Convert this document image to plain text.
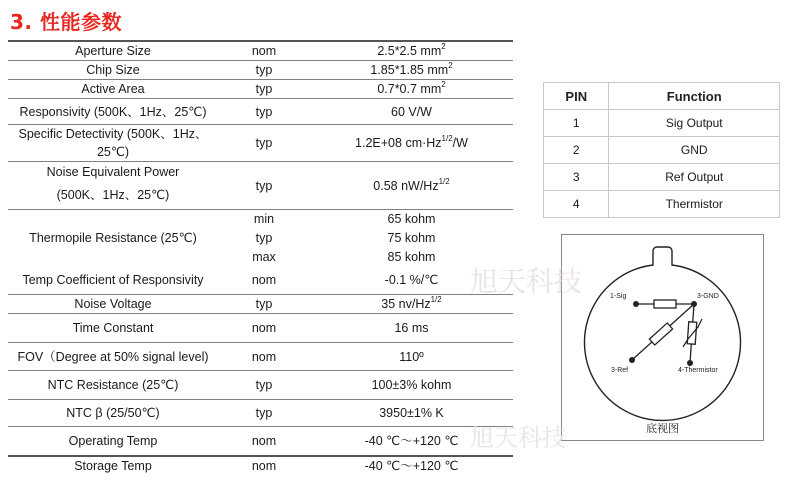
3. 性能参数
Aperture Size	nom	2.5*2.5 $mm^2$
Chip Size	typ	1.85*1.85 $mm^2$
Active Area	typ	0.7*0.7 $mm^2$
Responsivity (500K、1Hz、25℃)	typ	60 V/W
Specific Detectivity (500K、1Hz、25℃)	typ	1.2E+08 $cm\cdot Hz^{1/2}/W$
Noise Equivalent Power
(500K、1Hz、25℃)	typ	0.58 $nW/Hz^{1/2}$
Thermopile Resistance (25℃)	min	65 kohm
	typ	75 kohm
	max	85 kohm
Temp Coefficient of Responsivity	nom	-0.1 %/℃
Noise Voltage	typ	35 $nv/Hz^{1/2}$
Time Constant	nom	16 ms
FOV（Degree at 50% signal level)	nom	110º
NTC Resistance (25℃)	typ	100±3% kohm
NTC β (25/50℃)	typ	3950±1% K
Operating Temp	nom	-40 ℃～+120 ℃
Storage Temp	nom	-40 ℃～+120 ℃
PIN	Function
1	Sig Output
2	GND
3	Ref Output
4	Thermistor
1-Sig	3-GND
3-Ref	4-Thermistor
底视图
旭天科技
旭天科技
